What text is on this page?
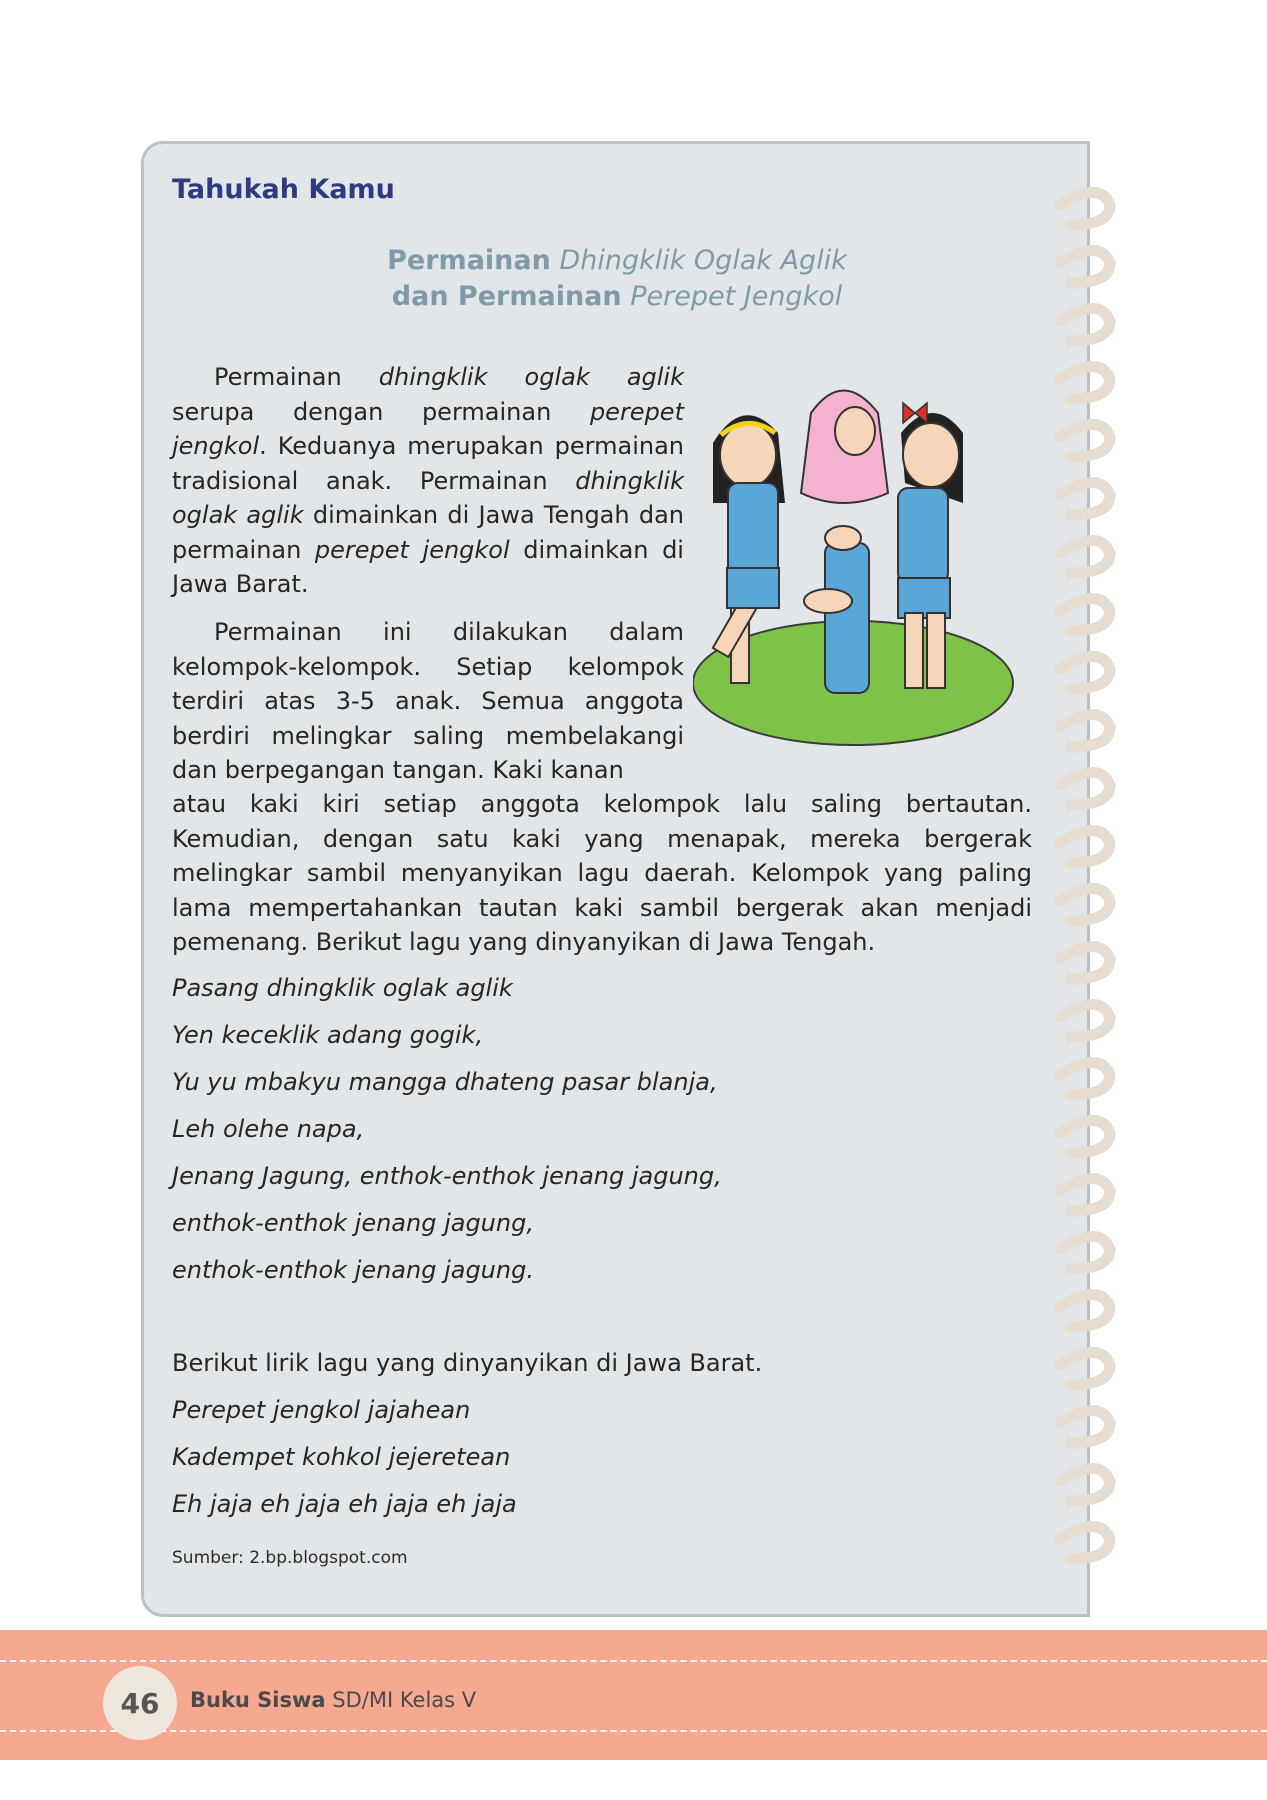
Tahukah Kamu
Permainan Dhingklik Oglak Aglik
dan Permainan Perepet Jengkol

Permainan dhingklik oglak aglik serupa dengan permainan perepet jengkol. Keduanya merupakan permainan tradisional anak. Permainan dhingklik oglak aglik dimainkan di Jawa Tengah dan permainan perepet jengkol dimainkan di Jawa Barat.

Permainan ini dilakukan dalam kelompok-kelompok. Setiap kelompok terdiri atas 3-5 anak. Semua anggota berdiri melingkar saling membelakangi dan berpegangan tangan. Kaki kanan

atau kaki kiri setiap anggota kelompok lalu saling bertautan. Kemudian, dengan satu kaki yang menapak, mereka bergerak melingkar sambil menyanyikan lagu daerah. Kelompok yang paling lama mempertahankan tautan kaki sambil bergerak akan menjadi pemenang. Berikut lagu yang dinyanyikan di Jawa Tengah.

Pasang dhingklik oglak aglik
Yen keceklik adang gogik,
Yu yu mbakyu mangga dhateng pasar blanja,
Leh olehe napa,
Jenang Jagung, enthok-enthok jenang jagung,
enthok-enthok jenang jagung,
enthok-enthok jenang jagung.
Berikut lirik lagu yang dinyanyikan di Jawa Barat.
Perepet jengkol jajahean
Kadempet kohkol jejeretean
Eh jaja eh jaja eh jaja eh jaja
Sumber: 2.bp.blogspot.com
46	Buku Siswa SD/MI Kelas V
